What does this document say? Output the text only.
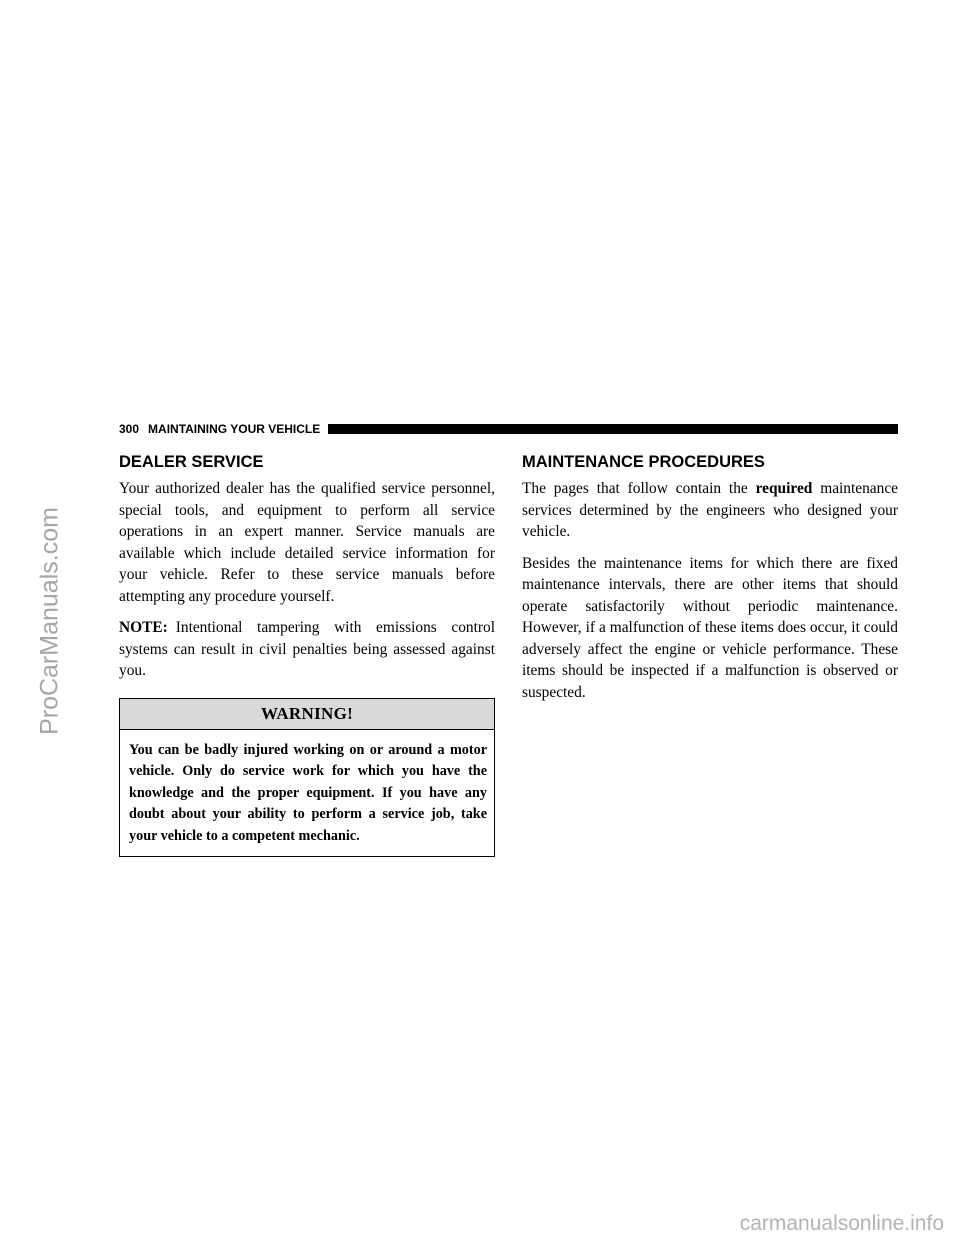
ProCarManuals.com
300 MAINTAINING YOUR VEHICLE
DEALER SERVICE

Your authorized dealer has the qualified service personnel, special tools, and equipment to perform all service operations in an expert manner. Service manuals are available which include detailed service information for your vehicle. Refer to these service manuals before attempting any procedure yourself.

NOTE: Intentional tampering with emissions control systems can result in civil penalties being assessed against you.

WARNING!
You can be badly injured working on or around a motor vehicle. Only do service work for which you have the knowledge and the proper equipment. If you have any doubt about your ability to perform a service job, take your vehicle to a competent mechanic.
MAINTENANCE PROCEDURES

The pages that follow contain the required maintenance services determined by the engineers who designed your vehicle.

Besides the maintenance items for which there are fixed maintenance intervals, there are other items that should operate satisfactorily without periodic maintenance. However, if a malfunction of these items does occur, it could adversely affect the engine or vehicle performance. These items should be inspected if a malfunction is observed or suspected.

carmanualsonline.info
